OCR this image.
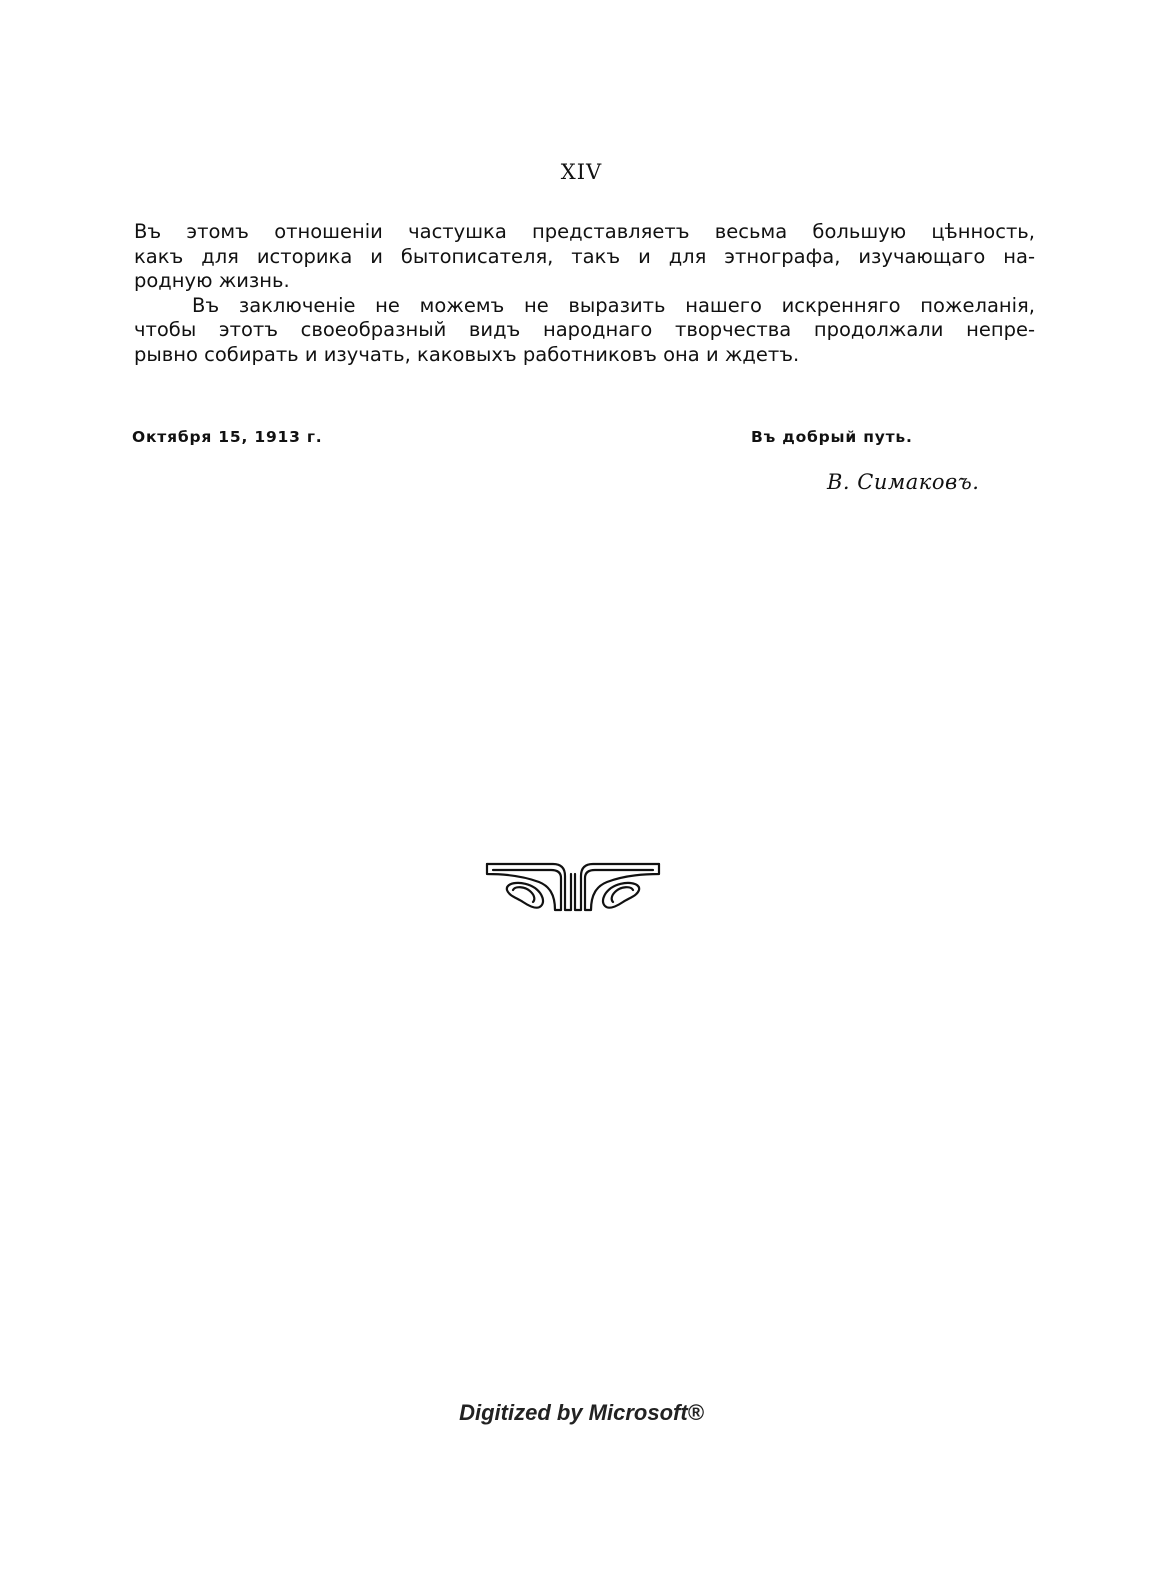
XIV
Въ этомъ отношенiи частушка представляетъ весьма большую цѣнность,
какъ для историка и бытописателя, такъ и для этнографа, изучающаго на-
родную жизнь.
Въ заключенiе не можемъ не выразить нашего искренняго пожеланiя,
чтобы этотъ своеобразный видъ народнаго творчества продолжали непре-
рывно собирать и изучать, каковыхъ работниковъ она и ждетъ.
Октября 15, 1913 г.	Въ добрый путь.
В. Симаковъ.
Digitized by Microsoft®
